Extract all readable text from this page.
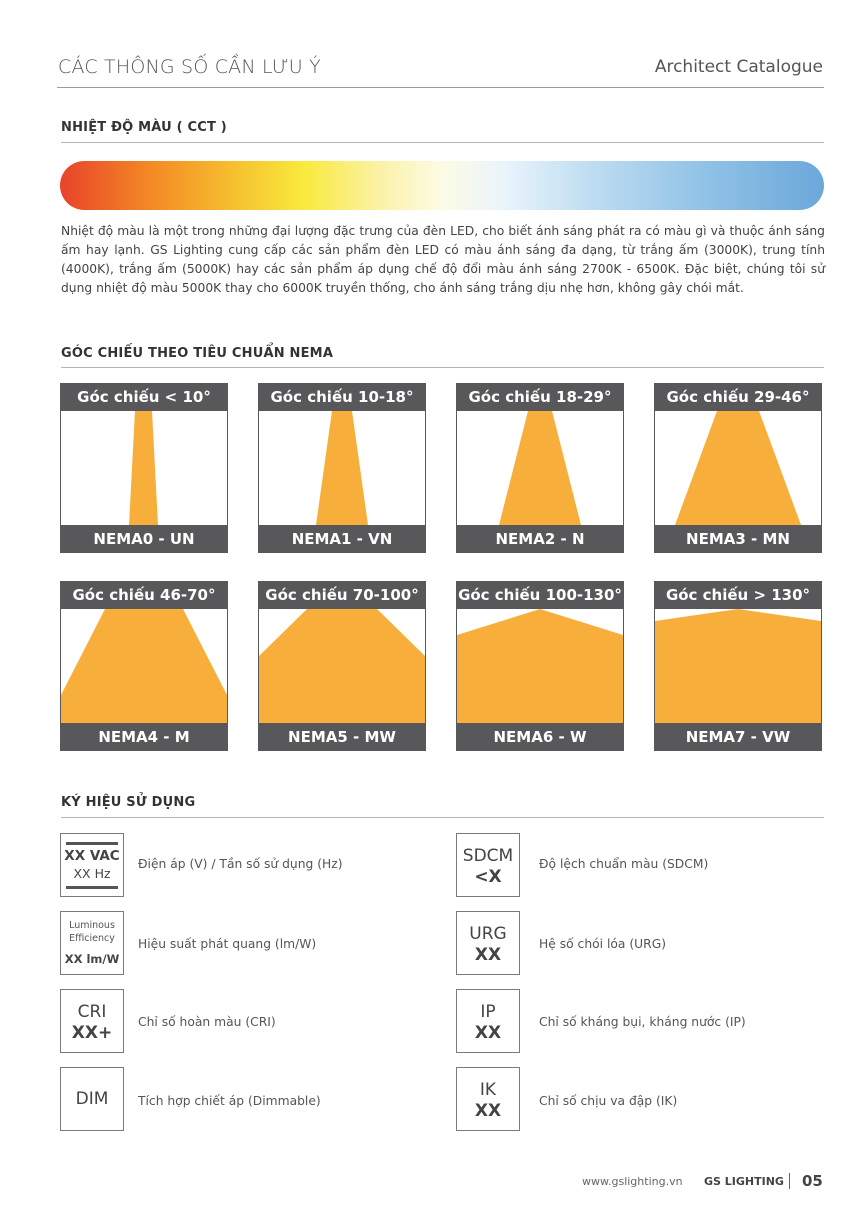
CÁC THÔNG SỐ CẦN LƯU Ý	Architect Catalogue
NHIỆT ĐỘ MÀU ( CCT )
Nhiệt độ màu là một trong những đại lượng đặc trưng của đèn LED, cho biết ánh sáng phát ra có màu gì và thuộc ánh sáng ấm hay lạnh. GS Lighting cung cấp các sản phẩm đèn LED có màu ánh sáng đa dạng, từ trắng ấm (3000K), trung tính (4000K), trắng ấm (5000K) hay các sản phẩm áp dụng chế độ đổi màu ánh sáng 2700K - 6500K. Đặc biệt, chúng tôi sử dụng nhiệt độ màu 5000K thay cho 6000K truyền thống, cho ánh sáng trắng dịu nhẹ hơn, không gây chói mắt.
GÓC CHIẾU THEO TIÊU CHUẨN NEMA
Góc chiếu < 10°
NEMA0 - UN
Góc chiếu 10-18°
NEMA1 - VN
Góc chiếu 18-29°
NEMA2 - N
Góc chiếu 29-46°
NEMA3 - MN
Góc chiếu 46-70°
NEMA4 - M
Góc chiếu 70-100°
NEMA5 - MW
Góc chiếu 100-130°
NEMA6 - W
Góc chiếu > 130°
NEMA7 - VW
KÝ HIỆU SỬ DỤNG
XX VAC
XX Hz
Điện áp (V) / Tần số sử dụng (Hz)
Luminous
Efficiency
XX lm/W
Hiệu suất phát quang (lm/W)
CRI
XX+
Chỉ số hoàn màu (CRI)
DIM	Tích hợp chiết áp (Dimmable)
SDCM
<X
Độ lệch chuẩn màu (SDCM)
URG
XX
Hệ số chói lóa (URG)
IP
XX
Chỉ số kháng bụi, kháng nước (IP)
IK
XX	Chỉ số chịu va đập (IK)
www.gslighting.vn GS LIGHTING 05
